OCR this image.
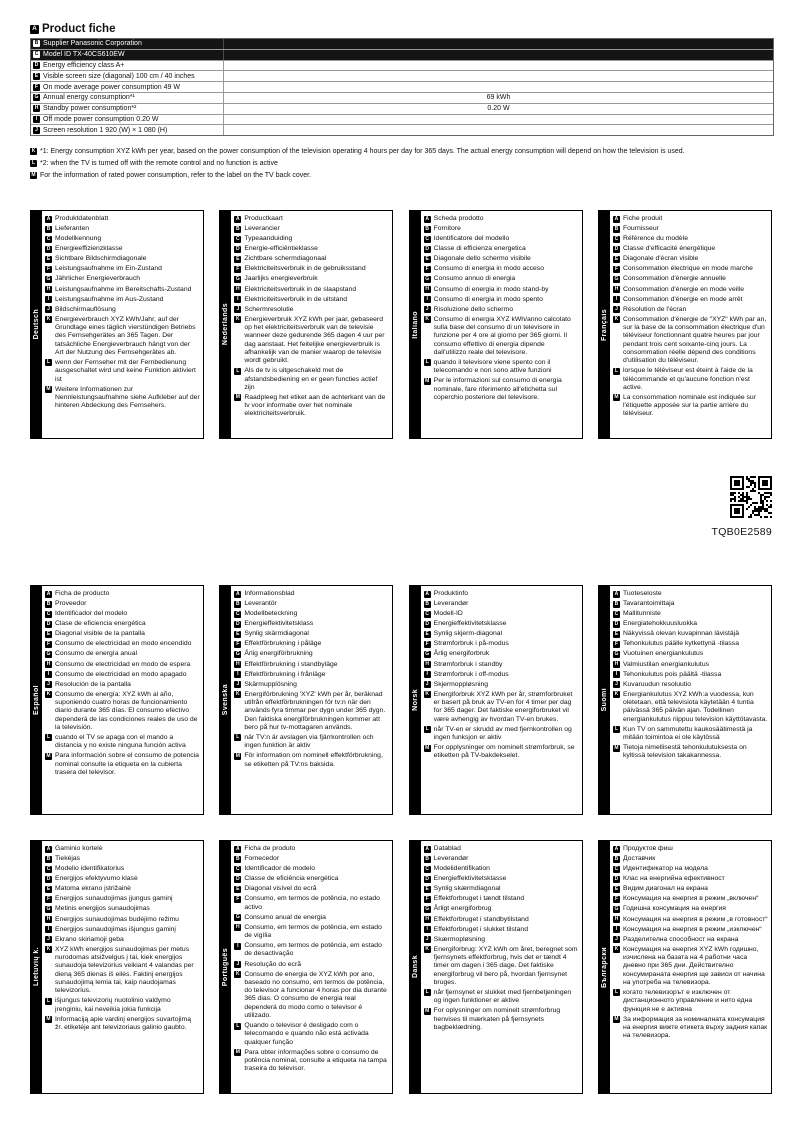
A Product fiche
B Supplier Panasonic Corporation
C Model ID TX-40CS610EW
D Energy efficiency class A+
E Visible screen size (diagonal) 100 cm / 40 inches
F On mode average power consumption 49 W
G Annual energy consumption*¹	69 kWh
H Standby power consumption*²	0.20 W
I Off mode power consumption 0.20 W
J Screen resolution 1 920 (W) × 1 080 (H)
K *1: Energy consumption XYZ kWh per year, based on the power consumption of the television operating 4 hours per day for 365 days. The actual energy consumption will depend on how the television is used.
L *2: when the TV is turned off with the remote control and no function is active
M For the information of rated power consumption, refer to the label on the TV back cover.
Deutsch
A Produktdatenblatt
B Lieferanten
C Modellkennung
D Energieeffizienzklasse
E Sichtbare Bildschirmdiagonale
F Leistungsaufnahme im Ein-Zustand
G Jährlicher Energieverbrauch
H Leistungsaufnahme im Bereitschafts-Zustand
I Leistungsaufnahme im Aus-Zustand
J Bildschirmauflösung
K Energieverbrauch XYZ kWh/Jahr, auf der Grundlage eines täglich vierstündigen Betriebs des Fernsehgerätes an 365 Tagen. Der tatsächliche Energieverbrauch hängt von der Art der Nutzung des Fernsehgerätes ab.
L wenn der Fernseher mit der Fernbedienung ausgeschaltet wird und keine Funktion aktiviert ist
M Weitere Informationen zur Nennleistungsaufnahme siehe Aufkleber auf der hinteren Abdeckung des Fernsehers.
Nederlands
A Productkaart
B Leverancier
C Typeaanduiding
D Energie-efficiëntieklasse
E Zichtbare schermdiagonaal
F Elektriciteitsverbruik in de gebruiksstand
G Jaarlijks energieverbruik
H Elektriciteitsverbruik in de slaapstand
I Elektriciteitsverbruik in de uitstand
J Schermresolutie
K Energieverbruik XYZ kWh per jaar, gebaseerd op het elektriciteitsverbruik van de televisie wanneer deze gedurende 365 dagen 4 uur per dag aanstaat. Het feitelijke energieverbruik is afhankelijk van de manier waarop de televisie wordt gebruikt.
L Als de tv is uitgeschakeld met de afstandsbediening en er geen functies actief zijn
M Raadpleeg het etiket aan de achterkant van de tv voor informatie over het nominale elektriciteitsverbruik.
Italiano
A Scheda prodotto
B Fornitore
C Identificatore del modello
D Classe di efficienza energetica
E Diagonale dello schermo visibile
F Consumo di energia in modo acceso
G Consumo annuo di energia
H Consumo di energia in modo stand-by
I Consumo di energia in modo spento
J Risoluzione dello schermo
K Consumo di energia XYZ kWh/anno calcolato sulla base del consumo di un televisore in funzione per 4 ore al giorno per 365 giorni. Il consumo effettivo di energia dipende dall'utilizzo reale del televisore.
L quando il televisore viene spento con il telecomando e non sono attive funzioni
M Per le informazioni sul consumo di energia nominale, fare riferimento all'etichetta sul coperchio posteriore del televisore.
Français
A Fiche produit
B Fournisseur
C Référence du modèle
D Classe d'efficacité énergétique
E Diagonale d'écran visible
F Consommation électrique en mode marche
G Consommation d'énergie annuelle
H Consommation d'énergie en mode veille
I Consommation d'énergie en mode arrêt
J Résolution de l'écran
K Consommation d'énergie de "XYZ" kWh par an, sur la base de la consommation électrique d'un téléviseur fonctionnant quatre heures par jour pendant trois cent soixante-cinq jours. La consommation réelle dépend des conditions d'utilisation du téléviseur.
L lorsque le téléviseur est éteint à l'aide de la télécommande et qu'aucune fonction n'est active.
M La consommation nominale est indiquée sur l'étiquette apposée sur la partie arrière du téléviseur.
Español
A Ficha de producto
B Proveedor
C Identificador del modelo
D Clase de eficiencia energética
E Diagonal visible de la pantalla
F Consumo de electricidad en modo encendido
G Consumo de energía anual
H Consumo de electricidad en modo de espera
I Consumo de electricidad en modo apagado
J Resolución de la pantalla
K Consumo de energía: XYZ kWh al año, suponiendo cuatro horas de funcionamiento diario durante 365 días. El consumo efectivo dependerá de las condiciones reales de uso de la televisión.
L cuando el TV se apaga con el mando a distancia y no existe ninguna función activa
M Para información sobre el consumo de potencia nominal consulte la etiqueta en la cubierta trasera del televisor.
Svenska
A Informationsblad
B Leverantör
C Modellbeteckning
D Energieffektivitetsklass
E Synlig skärmdiagonal
F Effektförbrukning i påläge
G Årlig energiförbrukning
H Effektförbrukning i standbyläge
I Effektförbrukning i frånläge
J Skärmupplösning
K Energiförbrukning 'XYZ' kWh per år, beräknad utifrån effektförbrukningen för tv:n när den används fyra timmar per dygn under 365 dygn. Den faktiska energiförbrukningen kommer att bero på hur tv-mottagaren används.
L när TV:n är avslagen via fjärrkontrollen och ingen funktion är aktiv
M För information om nominell effektförbrukning, se etiketten på TV:ns baksida.
Norsk
A Produktinfo
B Leverandør
C Modell-ID
D Energieffektivitetsklasse
E Synlig skjerm-diagonal
F Strømforbruk i på-modus
G Årlig energiforbruk
H Strømforbruk i standby
I Strømforbruk i off-modus
J Skjermoppløsning
K Energiforbruk XYZ kWh per år, strømforbruket er basert på bruk av TV-en for 4 timer per dag for 365 dager. Det faktiske energiforbruket vil være avhengig av hvordan TV-en brukes.
L når TV-en er skrudd av med fjernkontrollen og ingen funksjon er aktiv
M For opplysninger om nominelt strømforbruk, se etiketten på TV-bakdekselet.
Suomi
A Tuoteseloste
B Tavarantoimittaja
C Mallitunniste
D Energiatehokkuusluokka
E Näkyvissä olevan kuvapinnan lävistäjä
F Tehonkulutus päälle kytkettynä -tilassa
G Vuotuinen energiankulutus
H Valmiustilan energiankulutus
I Tehonkulutus pois päältä -tilassa
J Kuvaruudun resoluutio
K Energiankulutus XYZ kWh:a vuodessa, kun oletetaan, että televisiota käytetään 4 tuntia päivässä 365 päivän ajan. Todellinen energiankulutus riippuu television käyttötavasta.
L Kun TV on sammutettu kaukosäätimestä ja mitään toimintoa ei ole käytössä
M Tietoja nimellisestä tehonkulutuksesta on kyltissä television takakannessa.
Lietuvių k.
A Gaminio kortelė
B Tiekėjas
C Modelio identifikatorius
D Energijos efektyvumo klasė
E Matoma ekrano įstrižainė
F Energijos sunaudojimas įjungus gaminį
G Metinis energijos sunaudojimas
H Energijos sunaudojimas budėjimo režimu
I Energijos sunaudojimas išjungus gaminį
J Ekrano skiriamoji geba
K XYZ kWh energijos sunaudojimas per metus nurodomas atsižvelgus į tai, kiek energijos sunaudoja televizorius veikiant 4 valandas per dieną 365 dienas iš eilės. Faktinį energijos sunaudojimą lemia tai, kaip naudojamas televizorius.
L išjungus televizorių nuotolinio valdymo įrenginiu, kai neveikia jokia funkcija
M Informaciją apie vardinį energijos suvartojimą žr. etiketėje ant televizoriaus galinio gaubto.
Português
A Ficha de produto
B Fornecedor
C Identificador de modelo
D Classe de eficiência energética
E Diagonal visível do ecrã
F Consumo, em termos de potência, no estado activo
G Consumo anual de energia
H Consumo, em termos de potência, em estado de vigília
I Consumo, em termos de potência, em estado de desactivação
J Resolução do ecrã
K Consumo de energia de XYZ kWh por ano, baseado no consumo, em termos de potência, do televisor a funcionar 4 horas por dia durante 365 dias. O consumo de energia real dependerá do modo como o televisor é utilizado.
L Quando o televisor é desligado com o telecomando e quando não está activada qualquer função
M Para obter informações sobre o consumo de potência nominal, consulte a etiqueta na tampa traseira do televisor.
Dansk
A Datablad
B Leverandør
C Modelidentifikation
D Energieffektivitetsklasse
E Synlig skærmdiagonal
F Effektforbruget i tændt tilstand
G Årligt energiforbrug
H Effektforbruget i standbytilstand
I Effektforbruget i slukket tilstand
J Skærmopløsning
K Energiforbrug: XYZ kWh om året, beregnet som fjernsynets effektforbrug, hvis det er tændt 4 timer om dagen i 365 dage. Det faktiske energiforbrug vil bero på, hvordan fjernsynet bruges.
L når fjernsynet er slukket med fjernbetjeningen og ingen funktioner er aktive
M For oplysninger om nominelt strømforbrug henvises til mærkaten på fjernsynets bagbeklædning.
Български
A Продуктов фиш
B Доставчик
C Идентификатор на модела
D Клас на енергийна ефективност
E Видим диагонал на екрана
F Консумация на енергия в режим „включен“
G Годишна консумация на енергия
H Консумация на енергия в режим „в готовност“
I Консумация на енергия в режим „изключен“
J Разделителна способност на екрана
K Консумация на енергия XYZ kWh годишно, изчислена на базата на 4 работни часа дневно при 365 дни. Действително консумираната енергия ще зависи от начина на употреба на телевизора.
L когато телевизорът е изключен от дистанционното управление и нито една функция не е активна
M За информация за номиналната консумация на енергия вижте етикета върху задния капак на телевизора.
TQB0E2589
